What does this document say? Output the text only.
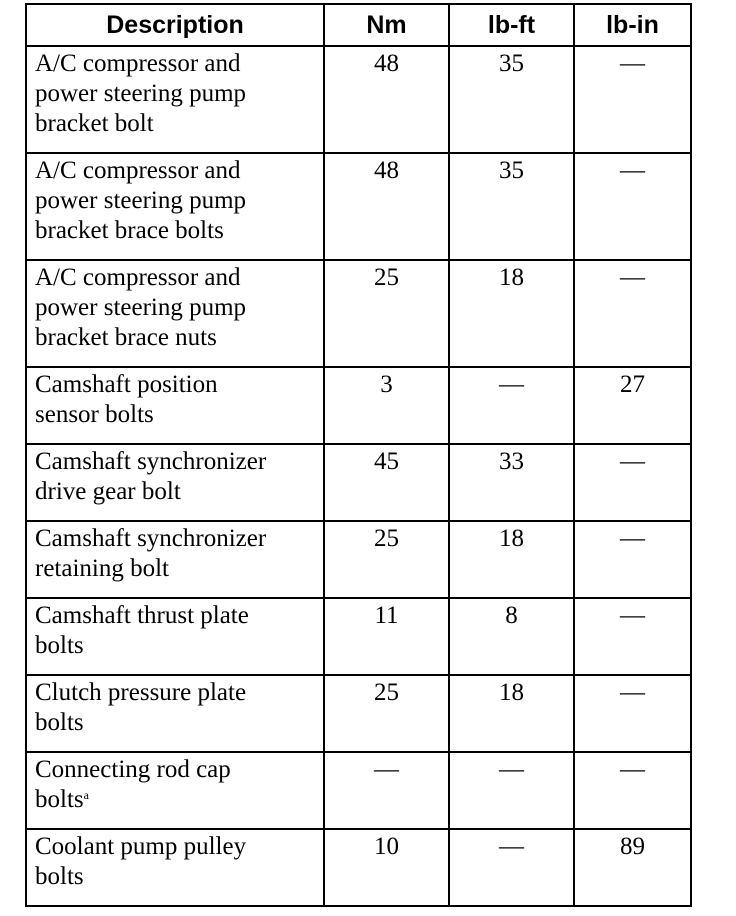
Description	Nm	lb-ft	lb-in
A/C compressor and
power steering pump
bracket bolt	48	35	—
A/C compressor and
power steering pump
bracket brace bolts	48	35	—
A/C compressor and
power steering pump
bracket brace nuts	25	18	—
Camshaft position
sensor bolts	3	—	27
Camshaft synchronizer
drive gear bolt	45	33	—
Camshaft synchronizer
retaining bolt	25	18	—
Camshaft thrust plate
bolts	11	8	—
Clutch pressure plate
bolts	25	18	—
Connecting rod cap
bolts$^a$	—	—	—
Coolant pump pulley
bolts	10	—	89
